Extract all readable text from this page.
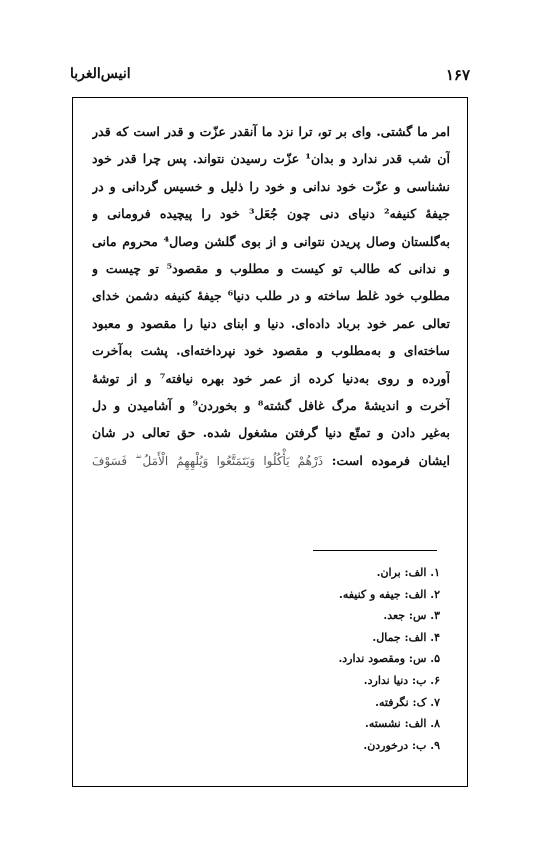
۱۶۷
انیس‌الغربا
امر ما گشتی. وای بر تو، ترا نزد ما آنقدر عزّت و قدر است که قدر
آن شب قدر ندارد و بدان¹ عزّت رسیدن نتواند. پس چرا قدر خود
نشناسی و عزّت خود ندانی و خود را ذلیل و خسیس گردانی و در
جیفهٔ کنیفه² دنیای دنی چون جُعَل³ خود را پیچیده فرومانی و
به‌گلستان وصال پریدن نتوانی و از بوی گلشن وصال⁴ محروم مانی
و ندانی که طالب تو کیست و مطلوب و مقصود⁵ تو چیست و
مطلوب خود غلط ساخته و در طلب دنیا⁶ جیفهٔ کنیفه دشمن خدای
تعالی عمر خود برباد داده‌ای. دنیا و ابنای دنیا را مقصود و معبود
ساخته‌ای و به‌مطلوب و مقصود خود نپرداخته‌ای. پشت به‌آخرت
آورده و روی به‌دنیا کرده از عمر خود بهره نیافته⁷ و از توشهٔ
آخرت و اندیشهٔ مرگ غافل گشته⁸ و بخوردن⁹ و آشامیدن و دل
به‌غیر دادن و تمتّع دنیا گرفتن مشغول شده. حق تعالی در شان
ایشان فرموده است: ذَرْهُمْ يَأْكُلُوا وَيَتَمَتَّعُوا وَيُلْهِهِمُ الْأَمَلُ ۖ فَسَوْفَ
۱. الف: بران.
۲. الف: جیفه و کنیفه.
۳. س: جعد.
۴. الف: جمال.
۵. س: ومقصود ندارد.
۶. ب: دنیا ندارد.
۷. ک: نگرفته.
۸. الف: نشسته.
۹. ب: درخوردن.
